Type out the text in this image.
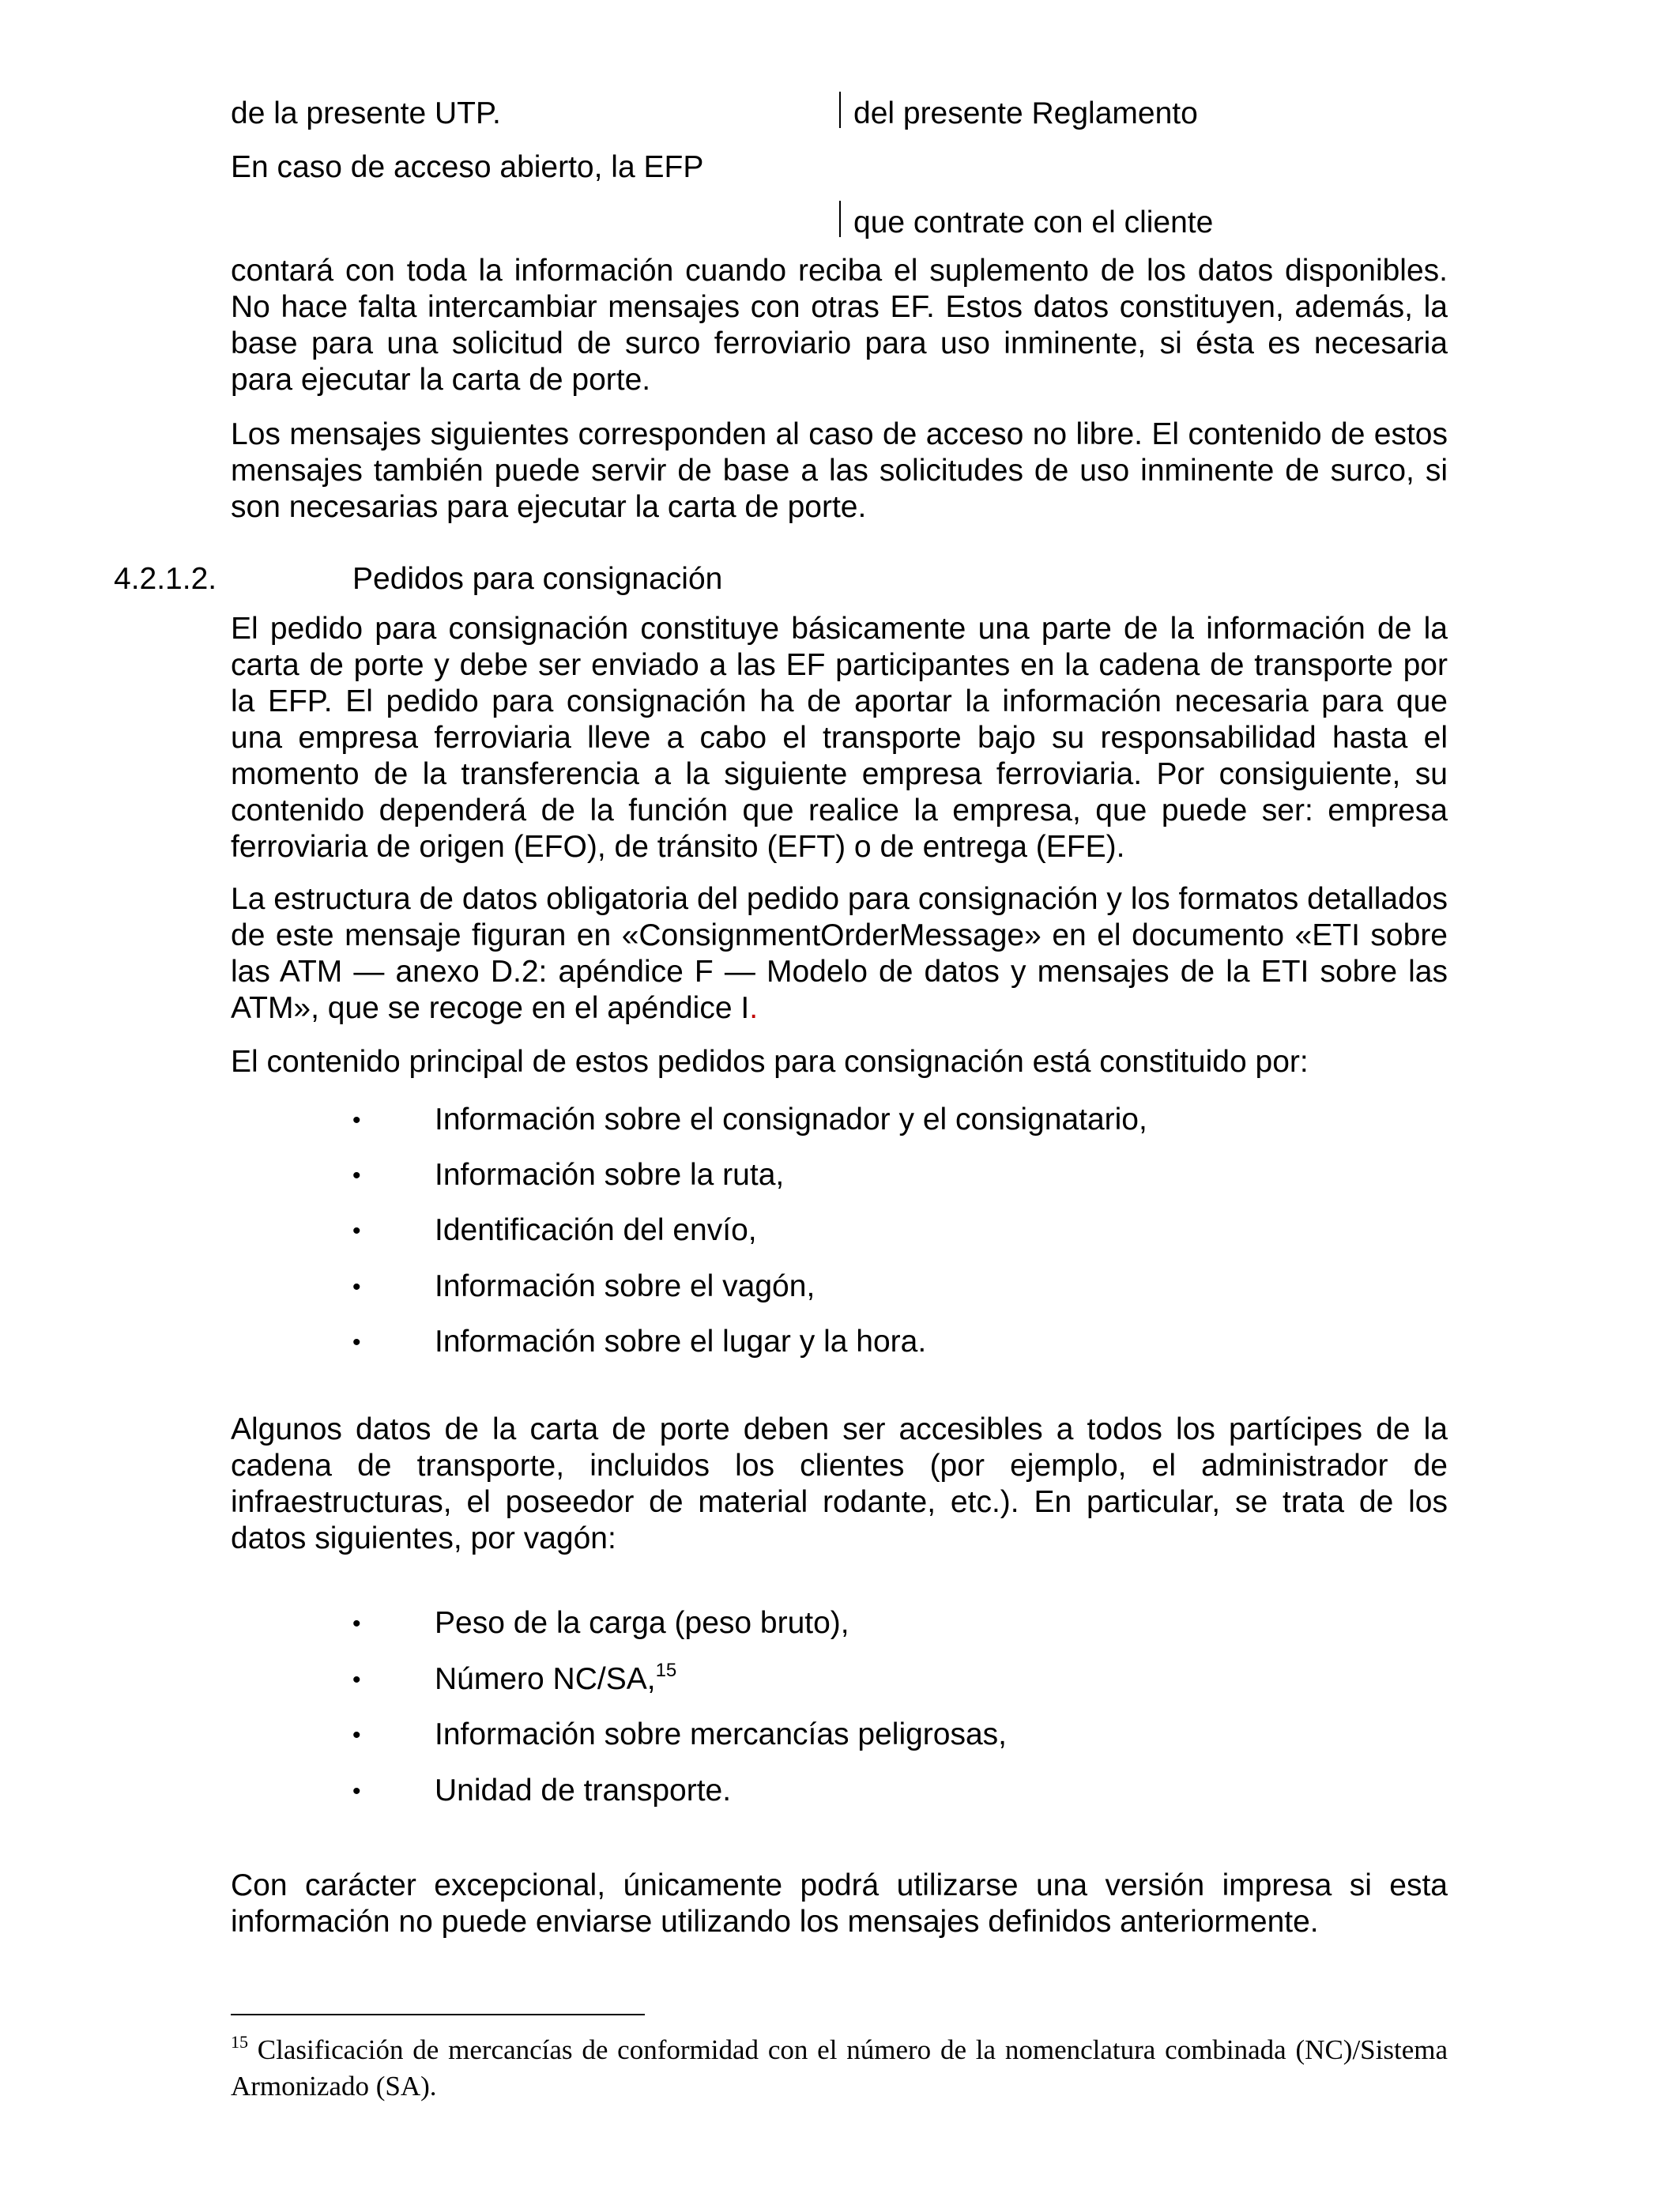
de la presente UTP.	del presente Reglamento
En caso de acceso abierto, la EFP
que contrate con el cliente
contará con toda la información cuando reciba el suplemento de los datos disponibles. No hace falta intercambiar mensajes con otras EF. Estos datos constituyen, además, la base para una solicitud de surco ferroviario para uso inminente, si ésta es necesaria para ejecutar la carta de porte.
Los mensajes siguientes corresponden al caso de acceso no libre. El contenido de estos mensajes también puede servir de base a las solicitudes de uso inminente de surco, si son necesarias para ejecutar la carta de porte.
4.2.1.2.	Pedidos para consignación
El pedido para consignación constituye básicamente una parte de la información de la carta de porte y debe ser enviado a las EF participantes en la cadena de transporte por la EFP. El pedido para consignación ha de aportar la información necesaria para que una empresa ferroviaria lleve a cabo el transporte bajo su responsabilidad hasta el momento de la transferencia a la siguiente empresa ferroviaria. Por consiguiente, su contenido dependerá de la función que realice la empresa, que puede ser: empresa ferroviaria de origen (EFO), de tránsito (EFT) o de entrega (EFE).
La estructura de datos obligatoria del pedido para consignación y los formatos detallados de este mensaje figuran en «ConsignmentOrderMessage» en el documento «ETI sobre las ATM — anexo D.2: apéndice F — Modelo de datos y mensajes de la ETI sobre las ATM», que se recoge en el apéndice I.
El contenido principal de estos pedidos para consignación está constituido por:
• Información sobre el consignador y el consignatario,
• Información sobre la ruta,
• Identificación del envío,
• Información sobre el vagón,
• Información sobre el lugar y la hora.
Algunos datos de la carta de porte deben ser accesibles a todos los partícipes de la cadena de transporte, incluidos los clientes (por ejemplo, el administrador de infraestructuras, el poseedor de material rodante, etc.). En particular, se trata de los datos siguientes, por vagón:
• Peso de la carga (peso bruto),
• Número NC/SA,$^{15}$
• Información sobre mercancías peligrosas,
• Unidad de transporte.
Con carácter excepcional, únicamente podrá utilizarse una versión impresa si esta información no puede enviarse utilizando los mensajes definidos anteriormente.
$^{15}$ Clasificación de mercancías de conformidad con el número de la nomenclatura combinada (NC)/Sistema Armonizado (SA).
